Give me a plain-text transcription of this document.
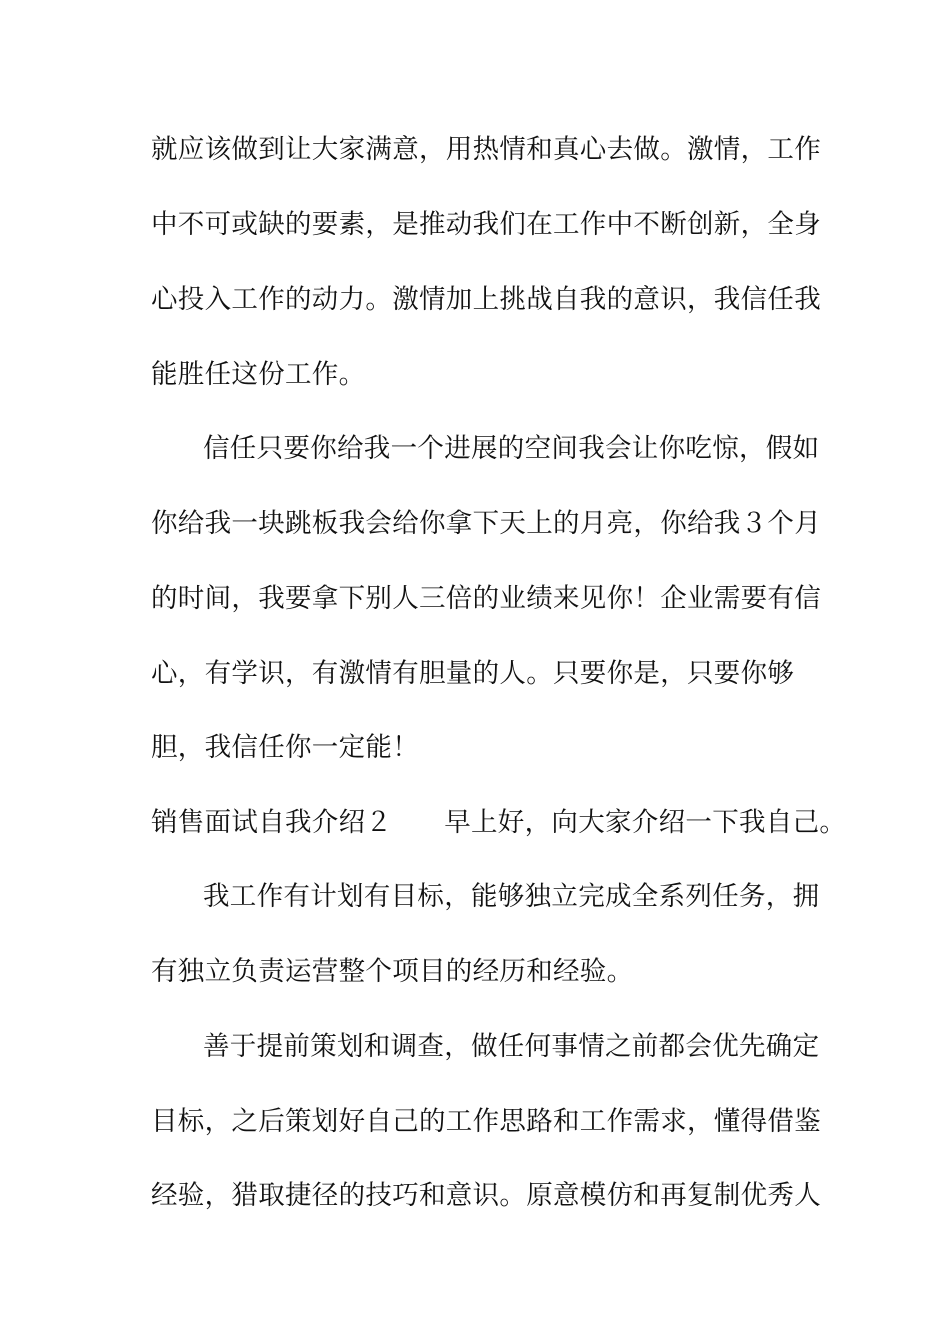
就应该做到让大家满意，用热情和真心去做。激情，工作
中不可或缺的要素，是推动我们在工作中不断创新，全身
心投入工作的动力。激情加上挑战自我的意识，我信任我
能胜任这份工作。
信任只要你给我一个进展的空间我会让你吃惊，假如
你给我一块跳板我会给你拿下天上的月亮，你给我３个月
的时间，我要拿下别人三倍的业绩来见你！企业需要有信
心，有学识，有激情有胆量的人。只要你是，只要你够
胆，我信任你一定能！
销售面试自我介绍２ 早上好，向大家介绍一下我自己。
我工作有计划有目标，能够独立完成全系列任务，拥
有独立负责运营整个项目的经历和经验。
善于提前策划和调查，做任何事情之前都会优先确定
目标，之后策划好自己的工作思路和工作需求，懂得借鉴
经验，猎取捷径的技巧和意识。原意模仿和再复制优秀人
